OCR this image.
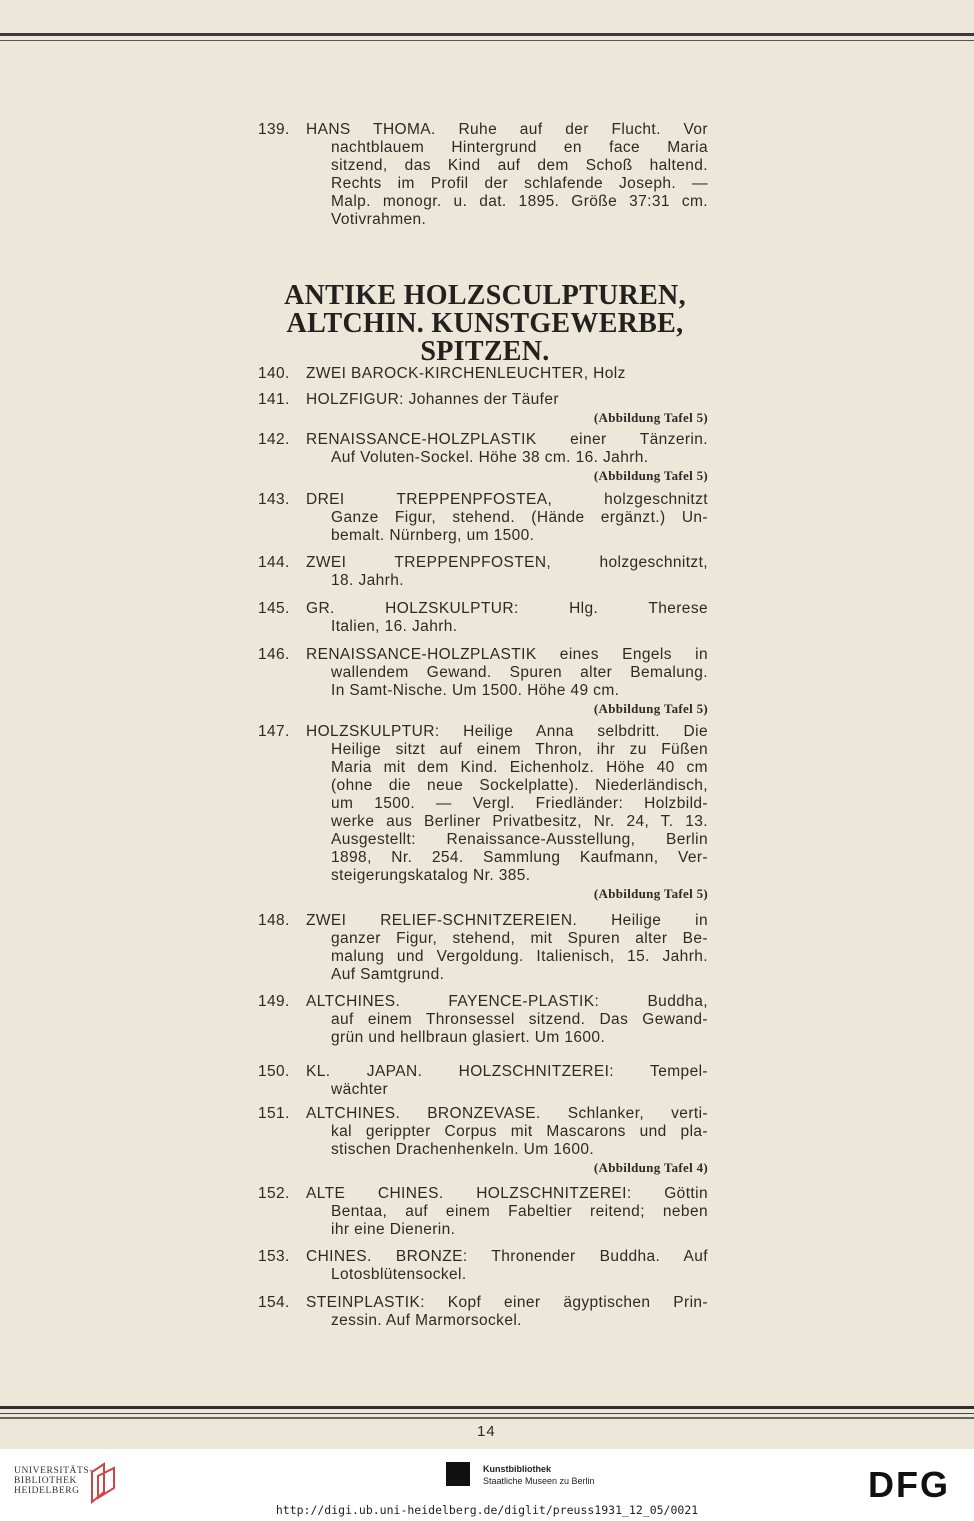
139. HANS THOMA. Ruhe auf der Flucht. Vor
nachtblauem Hintergrund en face Maria
sitzend, das Kind auf dem Schoß haltend.
Rechts im Profil der schlafende Joseph. —
Malp. monogr. u. dat. 1895. Größe 37:31 cm.
Votivrahmen.
140. ZWEI BAROCK-KIRCHENLEUCHTER, Holz
141. HOLZFIGUR: Johannes der Täufer
(Abbildung Tafel 5)
142. RENAISSANCE-HOLZPLASTIK einer Tänzerin.
Auf Voluten-Sockel. Höhe 38 cm. 16. Jahrh.
(Abbildung Tafel 5)
143. DREI TREPPENPFOSTEA, holzgeschnitzt
Ganze Figur, stehend. (Hände ergänzt.) Un-
bemalt. Nürnberg, um 1500.
144. ZWEI TREPPENPFOSTEN, holzgeschnitzt,
18. Jahrh.
145. GR. HOLZSKULPTUR: Hlg. Therese
Italien, 16. Jahrh.
146. RENAISSANCE-HOLZPLASTIK eines Engels in
wallendem Gewand. Spuren alter Bemalung.
In Samt-Nische. Um 1500. Höhe 49 cm.
(Abbildung Tafel 5)
147. HOLZSKULPTUR: Heilige Anna selbdritt. Die
Heilige sitzt auf einem Thron, ihr zu Füßen
Maria mit dem Kind. Eichenholz. Höhe 40 cm
(ohne die neue Sockelplatte). Niederländisch,
um 1500. — Vergl. Friedländer: Holzbild-
werke aus Berliner Privatbesitz, Nr. 24, T. 13.
Ausgestellt: Renaissance-Ausstellung, Berlin
1898, Nr. 254. Sammlung Kaufmann, Ver-
steigerungskatalog Nr. 385.
(Abbildung Tafel 5)
148. ZWEI RELIEF-SCHNITZEREIEN. Heilige in
ganzer Figur, stehend, mit Spuren alter Be-
malung und Vergoldung. Italienisch, 15. Jahrh.
Auf Samtgrund.
149. ALTCHINES. FAYENCE-PLASTIK: Buddha,
auf einem Thronsessel sitzend. Das Gewand-
grün und hellbraun glasiert. Um 1600.
150. KL. JAPAN. HOLZSCHNITZEREI: Tempel-
wächter
151. ALTCHINES. BRONZEVASE. Schlanker, verti-
kal gerippter Corpus mit Mascarons und pla-
stischen Drachenhenkeln. Um 1600.
(Abbildung Tafel 4)
152. ALTE CHINES. HOLZSCHNITZEREI: Göttin
Bentaa, auf einem Fabeltier reitend; neben
ihr eine Dienerin.
153. CHINES. BRONZE: Thronender Buddha. Auf
Lotosblütensockel.
154. STEINPLASTIK: Kopf einer ägyptischen Prin-
zessin. Auf Marmorsockel.
ANTIKE HOLZSCULPTUREN,
ALTCHIN. KUNSTGEWERBE,
SPITZEN.
14
UNIVERSITÄTS-
BIBLIOTHEK
HEIDELBERG
Kunstbibliothek
Staatliche Museen zu Berlin	DFG
http://digi.ub.uni-heidelberg.de/diglit/preuss1931_12_05/0021
